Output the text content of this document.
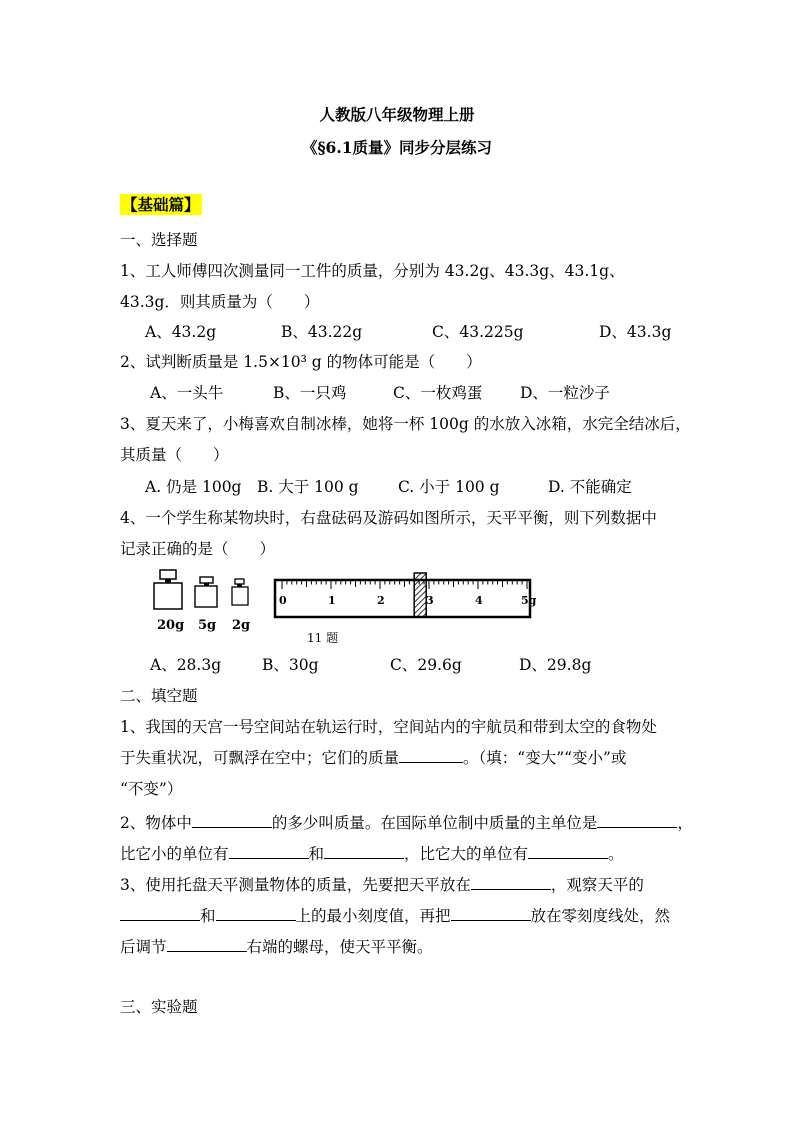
人教版八年级物理上册
《§6.1质量》同步分层练习
【基础篇】
一、选择题
1、工人师傅四次测量同一工件的质量，分别为 43.2g、43.3g、43.1g、
43.3g．则其质量为（　　）
A、43.2g	B、43.22g	C、43.225g	D、43.3g
2、试判断质量是 1.5×10³ g 的物体可能是（　　）
A、一头牛	B、一只鸡	C、一枚鸡蛋 D、一粒沙子
3、夏天来了，小梅喜欢自制冰棒，她将一杯 100g 的水放入冰箱，水完全结冰后，
其质量（　　）
A. 仍是 100g B. 大于 100 g	C. 小于 100 g	D. 不能确定
4、一个学生称某物块时，右盘砝码及游码如图所示，天平平衡，则下列数据中
记录正确的是（　　）
20g 5g 2g
0	1	2	3	4	5g
11 题
A、28.3g	B、30g	C、29.6g	D、29.8g
二、填空题
1、我国的天宫一号空间站在轨运行时，空间站内的宇航员和带到太空的食物处
于失重状况，可飘浮在空中；它们的质量	。（填：“变大”“变小”或
“不变”）
2、物体中	的多少叫质量。在国际单位制中质量的主单位是	，
比它小的单位有	和	，比它大的单位有	。
3、使用托盘天平测量物体的质量，先要把天平放在	，观察天平的
和	上的最小刻度值，再把	放在零刻度线处，然
后调节	右端的螺母，使天平平衡。
三、实验题
